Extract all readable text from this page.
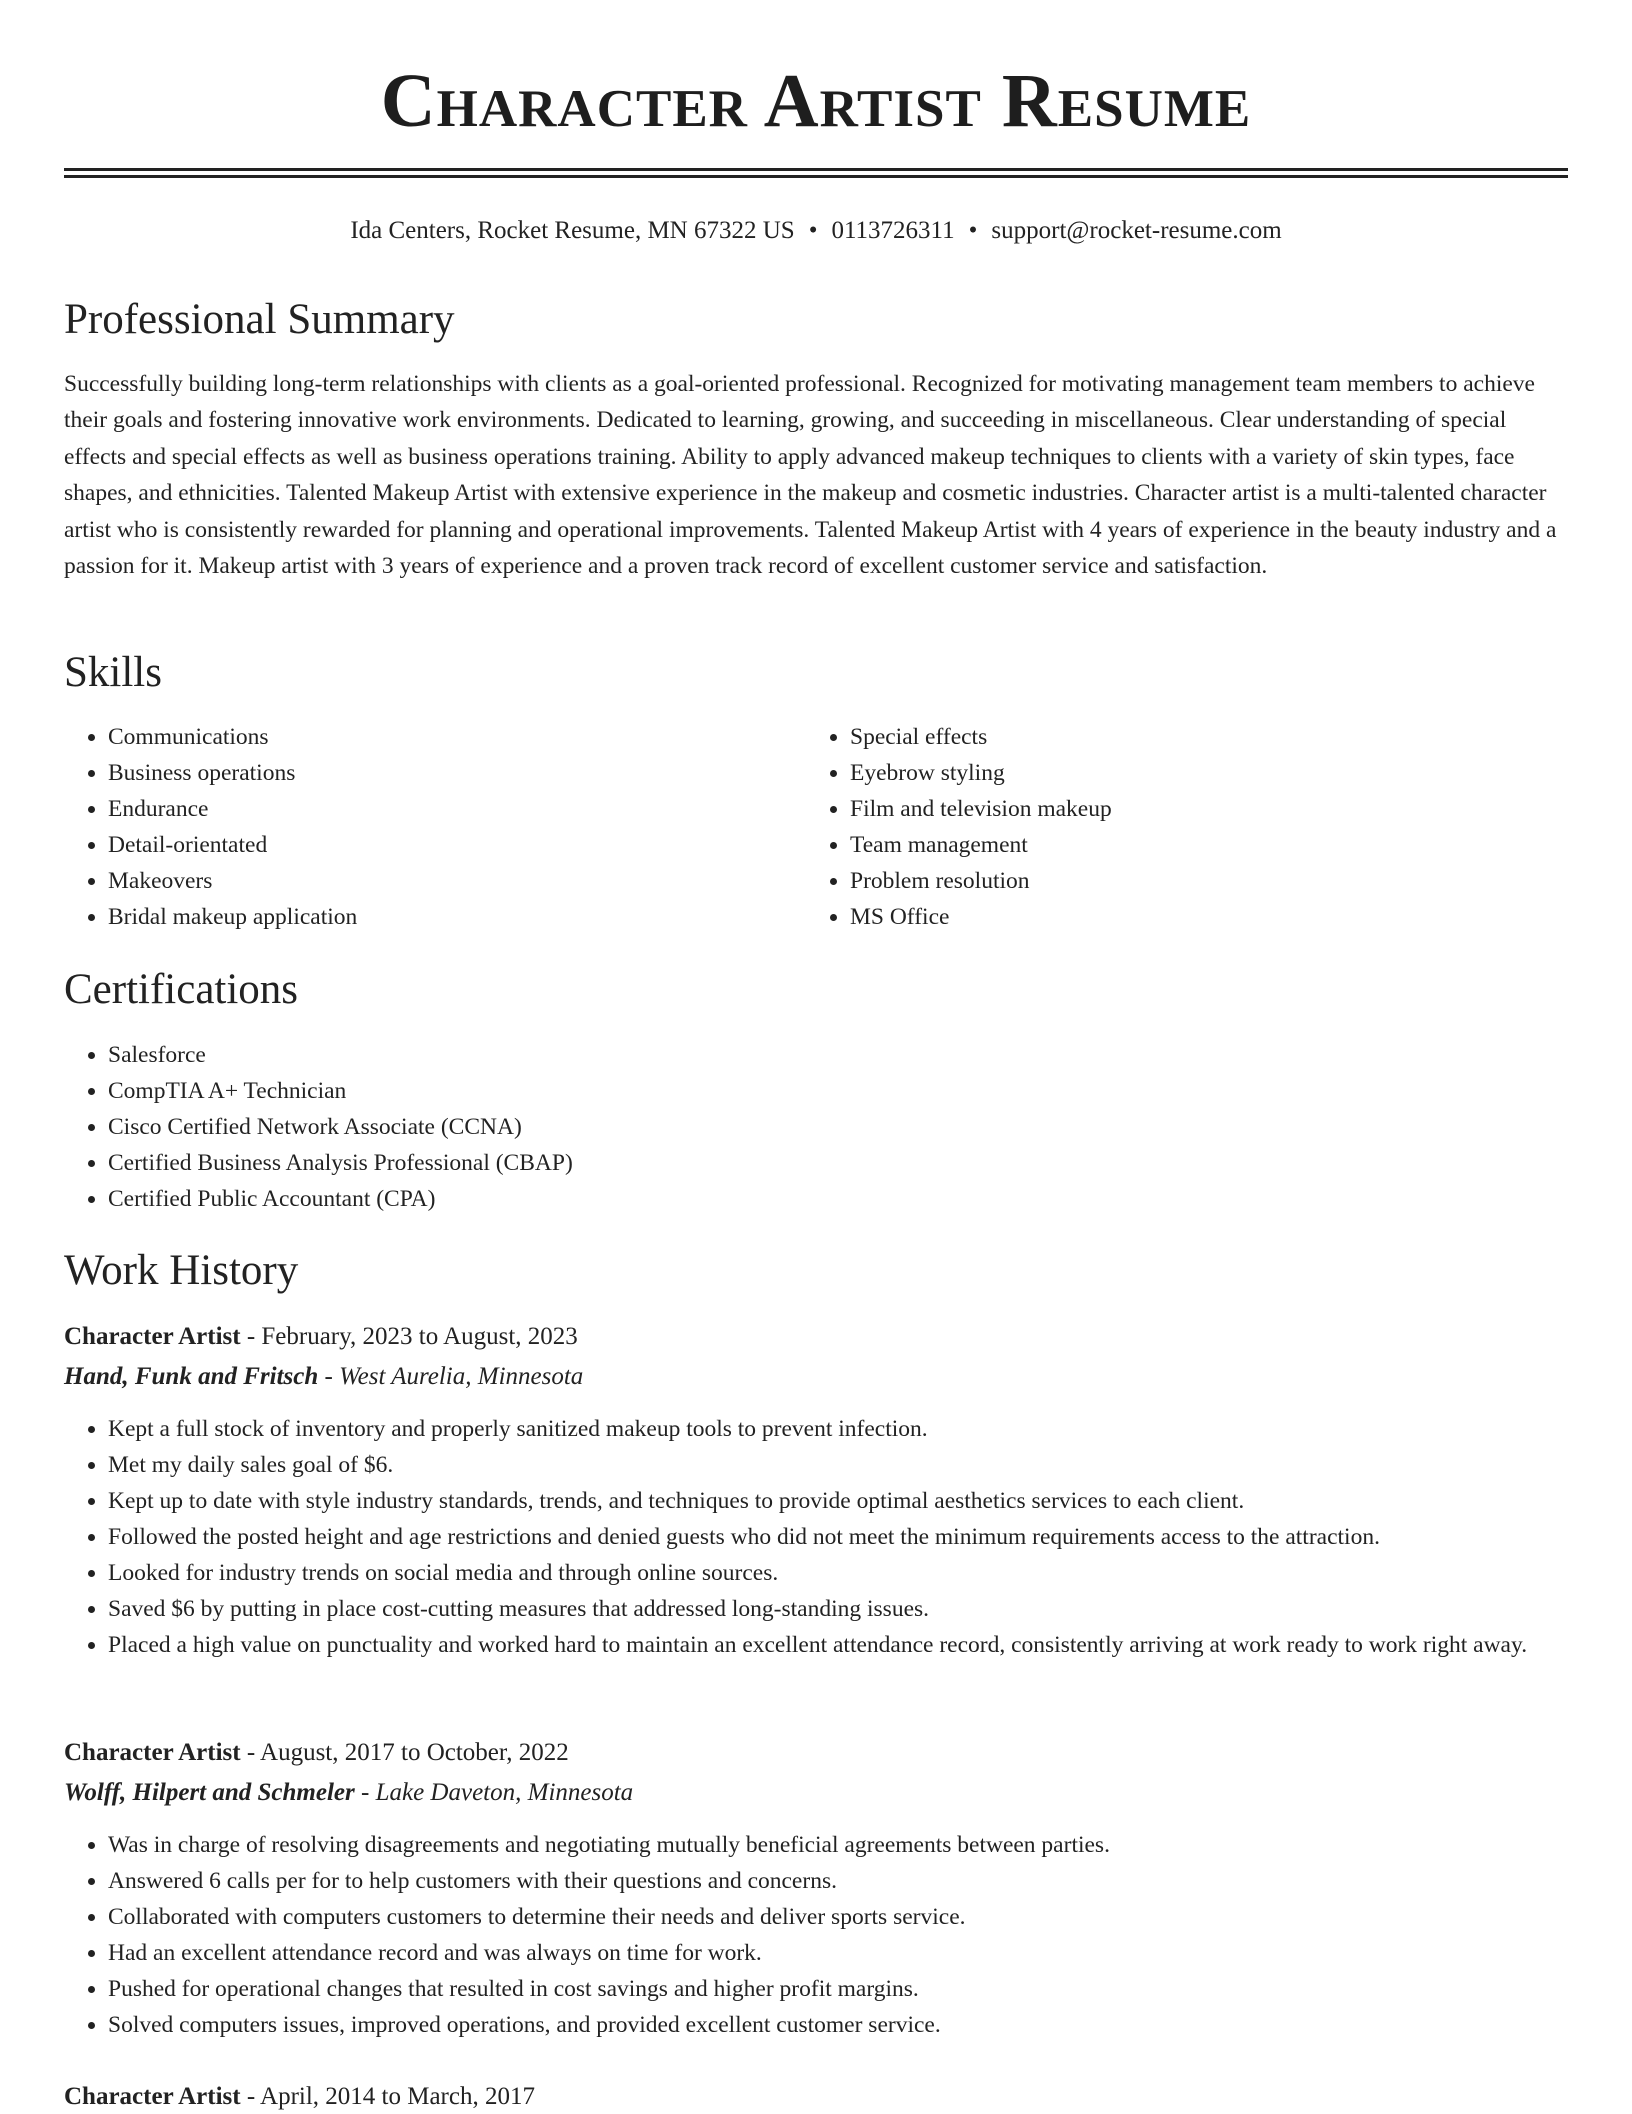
Character Artist Resume
Ida Centers, Rocket Resume, MN 67322 US • 0113726311 • support@rocket-resume.com
Professional Summary

Successfully building long-term relationships with clients as a goal-oriented professional. Recognized for motivating management team members to achieve their goals and fostering innovative work environments. Dedicated to learning, growing, and succeeding in miscellaneous. Clear understanding of special effects and special effects as well as business operations training. Ability to apply advanced makeup techniques to clients with a variety of skin types, face shapes, and ethnicities. Talented Makeup Artist with extensive experience in the makeup and cosmetic industries. Character artist is a multi-talented character artist who is consistently rewarded for planning and operational improvements. Talented Makeup Artist with 4 years of experience in the beauty industry and a passion for it. Makeup artist with 3 years of experience and a proven track record of excellent customer service and satisfaction.

Skills
• Communications
• Business operations
• Endurance
• Detail-orientated
• Makeovers
• Bridal makeup application
• Special effects
• Eyebrow styling
• Film and television makeup
• Team management
• Problem resolution
• MS Office
Certifications
• Salesforce
• CompTIA A+ Technician
• Cisco Certified Network Associate (CCNA)
• Certified Business Analysis Professional (CBAP)
• Certified Public Accountant (CPA)
Work History
Character Artist - February, 2023 to August, 2023
Hand, Funk and Fritsch - West Aurelia, Minnesota
• Kept a full stock of inventory and properly sanitized makeup tools to prevent infection.
• Met my daily sales goal of $6.
• Kept up to date with style industry standards, trends, and techniques to provide optimal aesthetics services to each client.
• Followed the posted height and age restrictions and denied guests who did not meet the minimum requirements access to the attraction.
• Looked for industry trends on social media and through online sources.
• Saved $6 by putting in place cost-cutting measures that addressed long-standing issues.
• Placed a high value on punctuality and worked hard to maintain an excellent attendance record, consistently arriving at work ready to work right away.
Character Artist - August, 2017 to October, 2022
Wolff, Hilpert and Schmeler - Lake Daveton, Minnesota
• Was in charge of resolving disagreements and negotiating mutually beneficial agreements between parties.
• Answered 6 calls per for to help customers with their questions and concerns.
• Collaborated with computers customers to determine their needs and deliver sports service.
• Had an excellent attendance record and was always on time for work.
• Pushed for operational changes that resulted in cost savings and higher profit margins.
• Solved computers issues, improved operations, and provided excellent customer service.
Character Artist - April, 2014 to March, 2017
